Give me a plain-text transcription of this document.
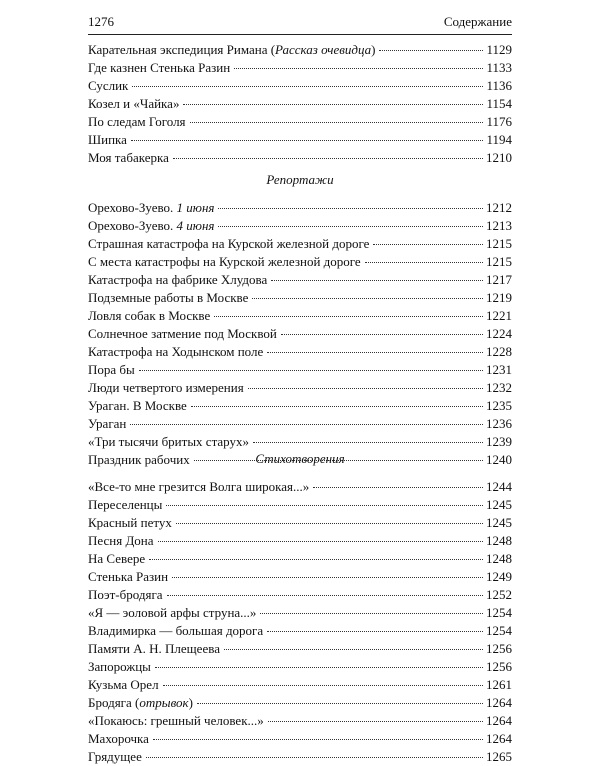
1276	Содержание
Карательная экспедиция Римана (Рассказ очевидца)	1129
Где казнен Стенька Разин	1133
Суслик	1136
Козел и «Чайка»	1154
По следам Гоголя	1176
Шипка	1194
Моя табакерка	1210
Репортажи
Орехово-Зуево. 1 июня	1212
Орехово-Зуево. 4 июня	1213
Страшная катастрофа на Курской железной дороге	1215
С места катастрофы на Курской железной дороге	1215
Катастрофа на фабрике Хлудова	1217
Подземные работы в Москве	1219
Ловля собак в Москве	1221
Солнечное затмение под Москвой	1224
Катастрофа на Ходынском поле	1228
Пора бы	1231
Люди четвертого измерения	1232
Ураган. В Москве	1235
Ураган	1236
«Три тысячи бритых старух»	1239
Праздник рабочих	1240
Стихотворения
«Все-то мне грезится Волга широкая...»	1244
Переселенцы	1245
Красный петух	1245
Песня Дона	1248
На Севере	1248
Стенька Разин	1249
Поэт-бродяга	1252
«Я — эоловой арфы струна...»	1254
Владимирка — большая дорога	1254
Памяти А. Н. Плещеева	1256
Запорожцы	1256
Кузьма Орел	1261
Бродяга (отрывок)	1264
«Покаюсь: грешный человек...»	1264
Махорочка	1264
Грядущее	1265
